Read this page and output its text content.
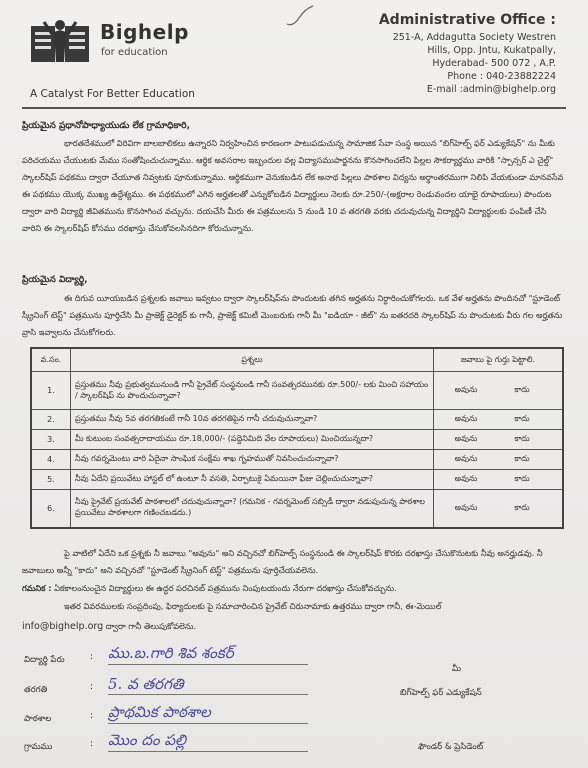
Bighelp
for education
A Catalyst For Better Education
Administrative Office :
251-A, Addagutta Society Westren
Hills, Opp. Jntu, Kukatpally,
Hyderabad- 500 072 , A.P.
Phone : 040-23882224
E-mail :admin@bighelp.org
ప్రియమైన ప్రధానోపాధ్యాయుడు లేక గ్రామాధికారి,
భారతదేశములో విరివిగా బాలబాలికలు ఉన్నారని నిర్వహించిన కారణంగా పాటుపడుచున్న సామాజిక సేవా సంస్థ అయిన "బిగ్‌హెల్ప్ ఫర్ ఎడ్యుకేషన్" ను మీకు పరిచయము చేయుటకు మేము సంతోషించుచున్నాము. ఆర్థిక అవసరాల ఇబ్బందుల వల్ల విద్యాసముపార్జనను కొనసాగించలేని పిల్లల సౌకర్యార్థము వారికి "స్పాన్సర్ ఎ చైల్డ్" స్కాలర్‌షిప్ పథకము ద్వారా చేయూత నివ్వటకు పూనుకున్నాము. ఆర్థికముగా వెనుకబడిన లేక అనాథ పిల్లలు పాఠశాల విద్యను అర్థాంతరముగా నిలిపి వేయకుండా మానవసేవ ఈ పథకము యొక్క ముఖ్య ఉద్దేశ్యము. ఈ పథకములో ఎగిన అర్హతలతో ఎన్నుకోబడిన విద్యార్థులు నెలకు రూ.250/-(అక్షరాల రెండువందల యాభై రూపాయలు) పొందుట ద్వారా వారి విద్యార్థి జీవితమును కొనసాగించ వచ్చును. దయచేసి మీరు ఈ పత్రములను 5 నుండి 10 వ తరగతి వరకు చదువుచున్న విద్యార్థిని విద్యార్థులకు పంపిణీ చేసి వారిని ఈ స్కాలర్‌షిప్ కోసము దరఖాస్తు చేసుకోవలసినదిగా కోరుచున్నాను.
ప్రియమైన విద్యార్థి,
ఈ దిగువ యీయబడిన ప్రశ్నలకు జవాబు ఇవ్వటం ద్వారా స్కాలర్‌షిప్‌ను పొందుటకు తగిన అర్హతను నిర్ధారించుకోగలరు. ఒక వేళ అర్హతను పొందినచో "స్టూడెంట్ స్క్రీనింగ్ టెస్ట్" పత్రమును పూర్తిచేసి మీ ప్రాజెక్ట్ డైరెక్టర్ కు గానీ, ప్రాజెక్ట్ కమిటీ మెంబరుకు గానీ మీ "ఐడియా - జీట్" ను ఐతరదరి స్కాలర్‌షిప్ ను పొందుటకు వీరు గల అర్హతను వ్రాసి ఇవ్వాలను చేసుకోగలరు.
వ.సం.	ప్రశ్నలు	జవాబు పై గుర్తు పెట్టాలి.
1.	ప్రస్తుతము నీవు ప్రభుత్వమునుండి గానీ ప్రైవేట్ సంస్థనుండి గానీ సంవత్సరమునకు రూ.500/- లకు మించి సహాయం / స్కాలర్‌షిప్ ను పొందుచున్నావా?	అవును కాదు
2.	ప్రస్తుతము నీవు 5వ తరగతికంటే గానీ 10వ తరగతిపైన గానీ చదువుచున్నావా?	అవును కాదు
3.	మీ కుటుంబ సంవత్సరాదాయము రూ.18,000/- (పద్దెనిమిది వేల రూపాయలు) మించియున్నదా?	అవును కాదు
4.	నీవు గవర్నమెంటు వారి ఏదైనా సాంఘిక సంక్షేమ శాఖ గృహముతో నివసించుచున్నావా?	అవును కాదు
5.	నీవు ఏదేని ప్రయివేటు హాస్టల్ లో ఉంటూ నీ వసతి, ఏర్పాటుకై ఏమయినా ఫీజు చెల్లించుచున్నావా?	అవును కాదు
6.	నీవు ప్రైవేట్ ప్రయవేట్ పాఠశాలలో చదువుచున్నావా? (గమనిక - గవర్నమెంట్ సబ్సిడీ ద్వారా నడుపుచున్న పాఠశాల ప్రయివేటు పాఠశాలగా గణించబడదు.)	అవును కాదు
పై వాటిలో ఏదేని ఒక ప్రశ్నకు నీ జవాబు "అవును" అని వచ్చినచో బిగ్‌హెల్ప్ సంస్థనుండి ఈ స్కాలర్‌షిప్ కొరకు దరఖాస్తు చేసుకొనుటకు నీవు అనర్హుడవు. నీ జవాబులు అన్నీ "కాదు" అని వచ్చినచో "స్టూడెంట్ స్క్రీనింగ్ టెస్ట్" పత్రమును పూర్తిచేయవలెను.
గమనిక : ఏకకాలంనుంచైన విద్యార్థులు ఈ ఉద్ధర పరచినబ్ పత్రమును నింపుటయందు నేరుగా దరఖాస్తు చేసుకోవచ్చును.
ఇతర వివరములకు సంప్రదింపు, ఫిర్యాదులకు పై సమాచారించిన ప్రైవేట్ చిరునామాకు ఉత్తరము ద్వారా గానీ, ఈ-మెయిల్
info@bighelp.org ద్వారా గానీ తెలుపుకోవలెను.
విద్యార్థి పేరు	: ము.బ.గారి శివ శంకర్
తరగతి	: 5. వ తరగతి
పాఠశాల	: ప్రాథమిక పాఠశాల
గ్రామము	: మొం దం పల్లి
మీ
బిగ్‌హెల్ప్ ఫర్ ఎడ్యుకేషన్
ఫౌండర్ & ప్రెసిడెంట్
